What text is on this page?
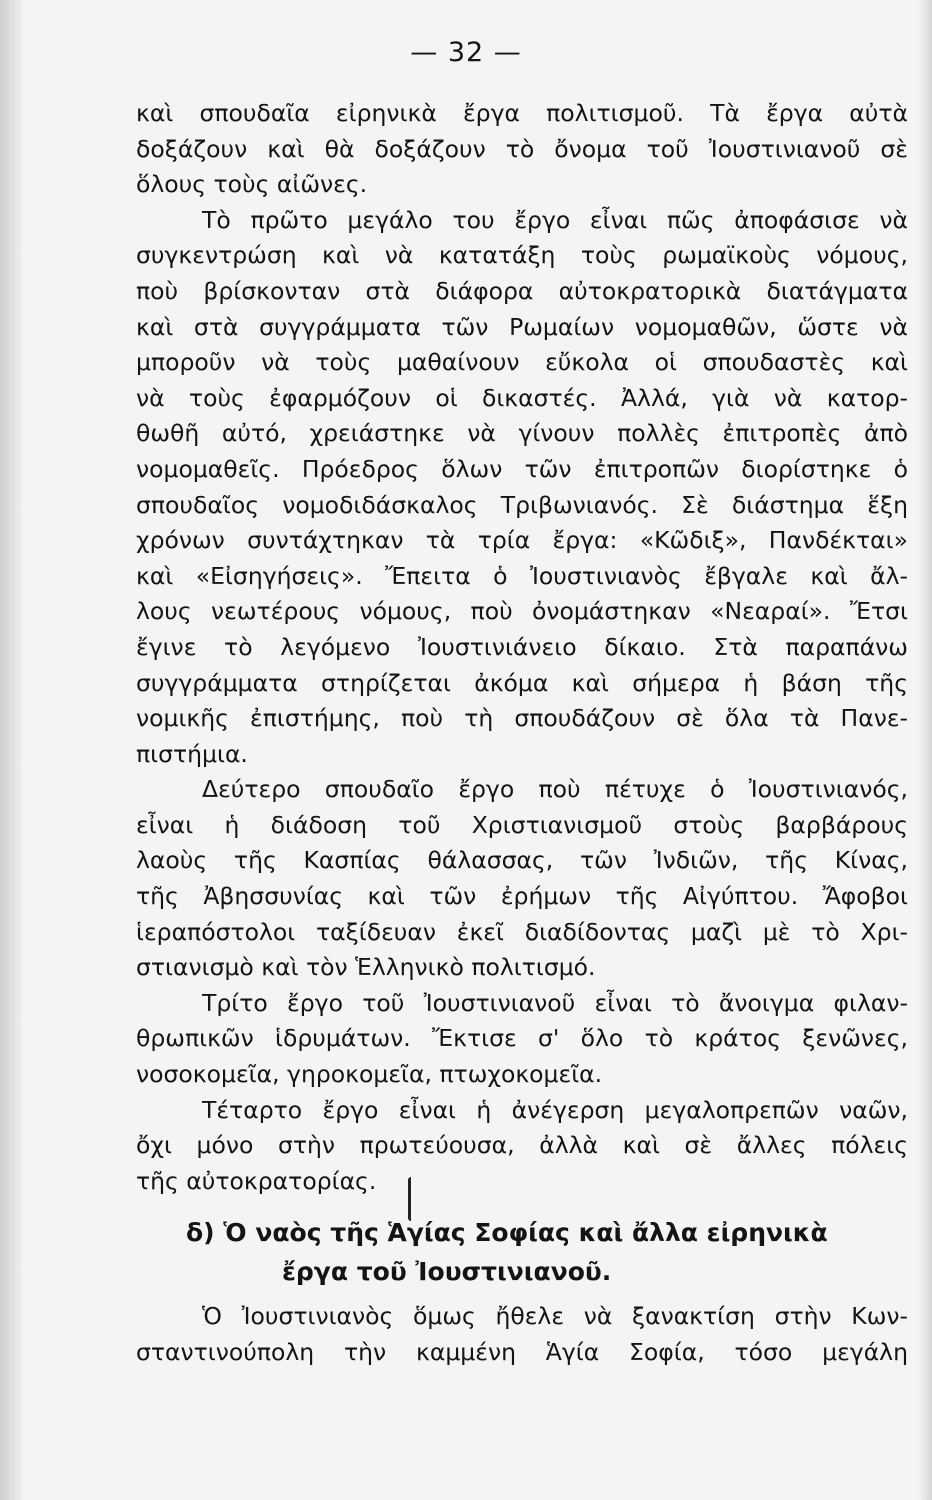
— 32 —
καὶ σπουδαῖα εἰρηνικὰ ἔργα πολιτισμοῦ. Τὰ ἔργα αὐτὰ
δοξάζουν καὶ θὰ δοξάζουν τὸ ὄνομα τοῦ Ἰουστινιανοῦ σὲ
ὅλους τοὺς αἰῶνες.
Τὸ πρῶτο μεγάλο του ἔργο εἶναι πῶς ἀποφάσισε νὰ
συγκεντρώση καὶ νὰ κατατάξη τοὺς ρωμαϊκοὺς νόμους,
ποὺ βρίσκονταν στὰ διάφορα αὐτοκρατορικὰ διατάγματα
καὶ στὰ συγγράμματα τῶν Ρωμαίων νομομαθῶν, ὥστε νὰ
μποροῦν νὰ τοὺς μαθαίνουν εὔκολα οἱ σπουδαστὲς καὶ
νὰ τοὺς ἐφαρμόζουν οἱ δικαστές. Ἀλλά, γιὰ νὰ κατορ-
θωθῆ αὐτό, χρειάστηκε νὰ γίνουν πολλὲς ἐπιτροπὲς ἀπὸ
νομομαθεῖς. Πρόεδρος ὅλων τῶν ἐπιτροπῶν διορίστηκε ὁ
σπουδαῖος νομοδιδάσκαλος Τριβωνιανός. Σὲ διάστημα ἕξη
χρόνων συντάχτηκαν τὰ τρία ἔργα: «Κῶδιξ», Πανδέκται»
καὶ «Εἰσηγήσεις». Ἔπειτα ὁ Ἰουστινιανὸς ἔβγαλε καὶ ἄλ-
λους νεωτέρους νόμους, ποὺ ὀνομάστηκαν «Νεαραί». Ἔτσι
ἔγινε τὸ λεγόμενο Ἰουστινιάνειο δίκαιο. Στὰ παραπάνω
συγγράμματα στηρίζεται ἀκόμα καὶ σήμερα ἡ βάση τῆς
νομικῆς ἐπιστήμης, ποὺ τὴ σπουδάζουν σὲ ὅλα τὰ Πανε-
πιστήμια.
Δεύτερο σπουδαῖο ἔργο ποὺ πέτυχε ὁ Ἰουστινιανός,
εἶναι ἡ διάδοση τοῦ Χριστιανισμοῦ στοὺς βαρβάρους
λαοὺς τῆς Κασπίας θάλασσας, τῶν Ἰνδιῶν, τῆς Κίνας,
τῆς Ἀβησσυνίας καὶ τῶν ἐρήμων τῆς Αἰγύπτου. Ἄφοβοι
ἱεραπόστολοι ταξίδευαν ἐκεῖ διαδίδοντας μαζὶ μὲ τὸ Χρι-
στιανισμὸ καὶ τὸν Ἑλληνικὸ πολιτισμό.
Τρίτο ἔργο τοῦ Ἰουστινιανοῦ εἶναι τὸ ἄνοιγμα φιλαν-
θρωπικῶν ἱδρυμάτων. Ἔκτισε σ' ὅλο τὸ κράτος ξενῶνες,
νοσοκομεῖα, γηροκομεῖα, πτωχοκομεῖα.
Τέταρτο ἔργο εἶναι ἡ ἀνέγερση μεγαλοπρεπῶν ναῶν,
ὄχι μόνο στὴν πρωτεύουσα, ἀλλὰ καὶ σὲ ἄλλες πόλεις
τῆς αὐτοκρατορίας.
δ) Ὁ ναὸς τῆς Ἁγίας Σοφίας καὶ ἄλλα εἰρηνικὰ
ἔργα τοῦ Ἰουστινιανοῦ.
Ὁ Ἰουστινιανὸς ὅμως ἤθελε νὰ ξανακτίση στὴν Κων-
σταντινούπολη τὴν καμμένη Ἁγία Σοφία, τόσο μεγάλη
